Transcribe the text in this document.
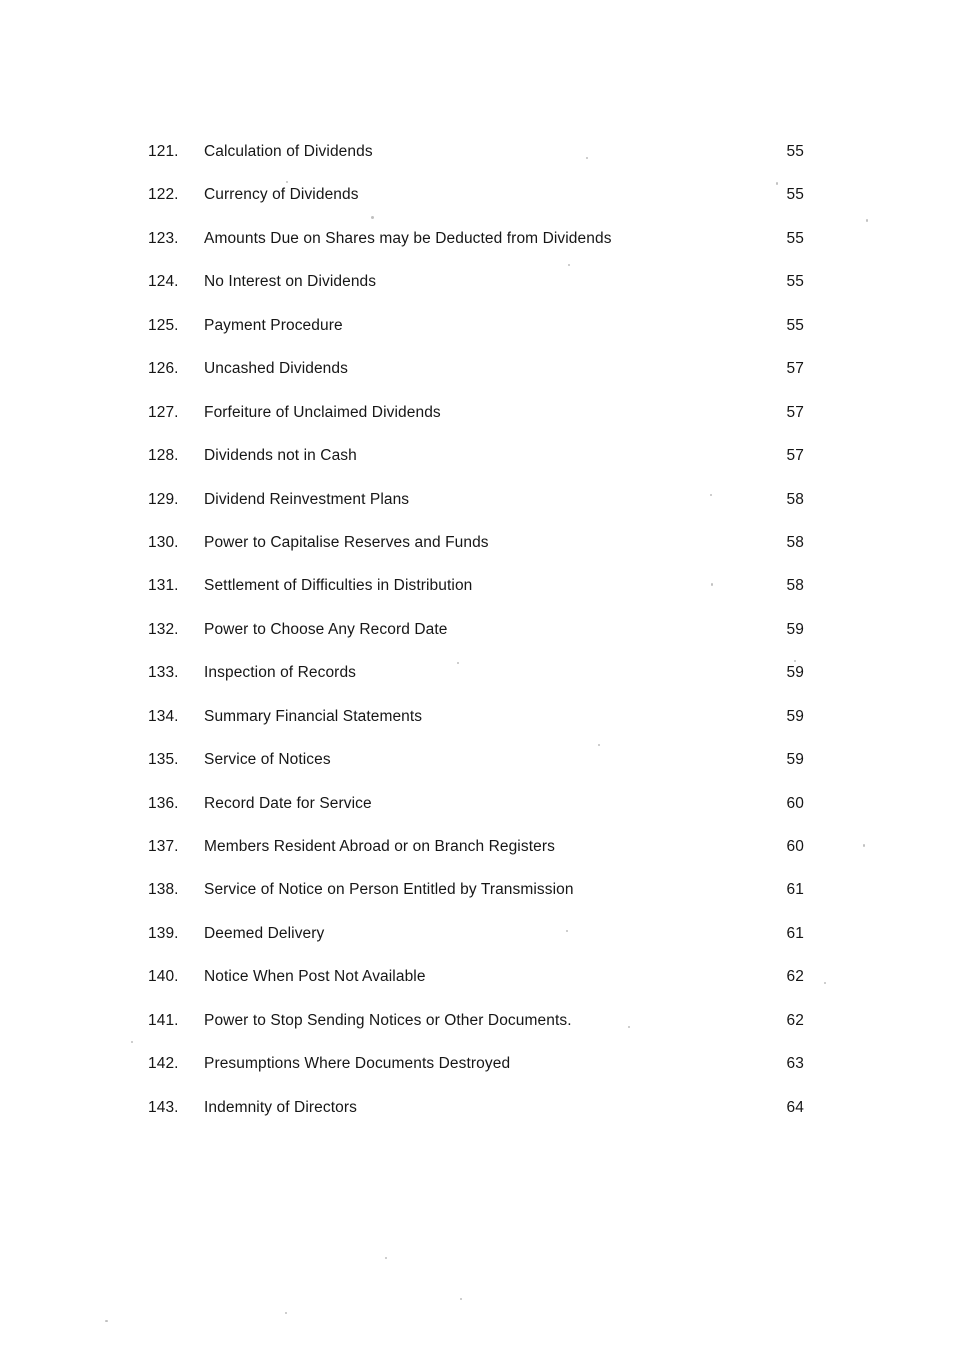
121.	Calculation of Dividends	55
122.	Currency of Dividends	55
123.	Amounts Due on Shares may be Deducted from Dividends	55
124.	No Interest on Dividends	55
125.	Payment Procedure	55
126.	Uncashed Dividends	57
127.	Forfeiture of Unclaimed Dividends	57
128.	Dividends not in Cash	57
129.	Dividend Reinvestment Plans	58
130.	Power to Capitalise Reserves and Funds	58
131.	Settlement of Difficulties in Distribution	58
132.	Power to Choose Any Record Date	59
133.	Inspection of Records	59
134.	Summary Financial Statements	59
135.	Service of Notices	59
136.	Record Date for Service	60
137.	Members Resident Abroad or on Branch Registers	60
138.	Service of Notice on Person Entitled by Transmission	61
139.	Deemed Delivery	61
140.	Notice When Post Not Available	62
141.	Power to Stop Sending Notices or Other Documents.	62
142.	Presumptions Where Documents Destroyed	63
143.	Indemnity of Directors	64
